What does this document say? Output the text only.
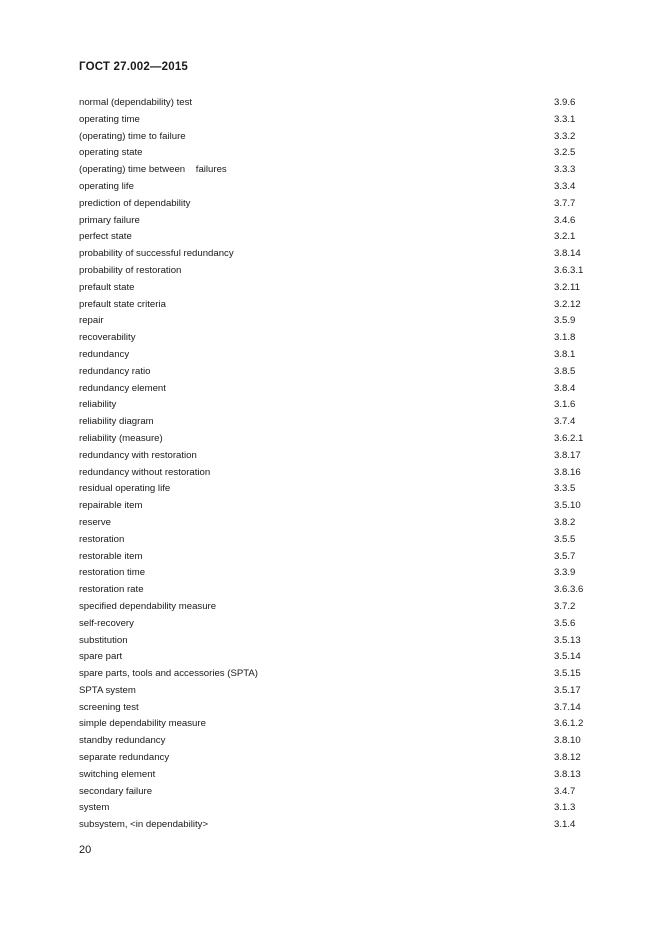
ГОСТ 27.002—2015
normal (dependability) test	3.9.6
operating time	3.3.1
(operating) time to failure	3.3.2
operating state	3.2.5
(operating) time between    failures	3.3.3
operating life	3.3.4
prediction of dependability	3.7.7
primary failure	3.4.6
perfect state	3.2.1
probability of successful redundancy	3.8.14
probability of restoration	3.6.3.1
prefault state	3.2.11
prefault state criteria	3.2.12
repair	3.5.9
recoverability	3.1.8
redundancy	3.8.1
redundancy ratio	3.8.5
redundancy element	3.8.4
reliability	3.1.6
reliability diagram	3.7.4
reliability (measure)	3.6.2.1
redundancy with restoration	3.8.17
redundancy without restoration	3.8.16
residual operating life	3.3.5
repairable item	3.5.10
reserve	3.8.2
restoration	3.5.5
restorable item	3.5.7
restoration time	3.3.9
restoration rate	3.6.3.6
specified dependability measure	3.7.2
self-recovery	3.5.6
substitution	3.5.13
spare part	3.5.14
spare parts, tools and accessories (SPTA)	3.5.15
SPTA system	3.5.17
screening test	3.7.14
simple dependability measure	3.6.1.2
standby redundancy	3.8.10
separate redundancy	3.8.12
switching element	3.8.13
secondary failure	3.4.7
system	3.1.3
subsystem, <in dependability>	3.1.4
20
